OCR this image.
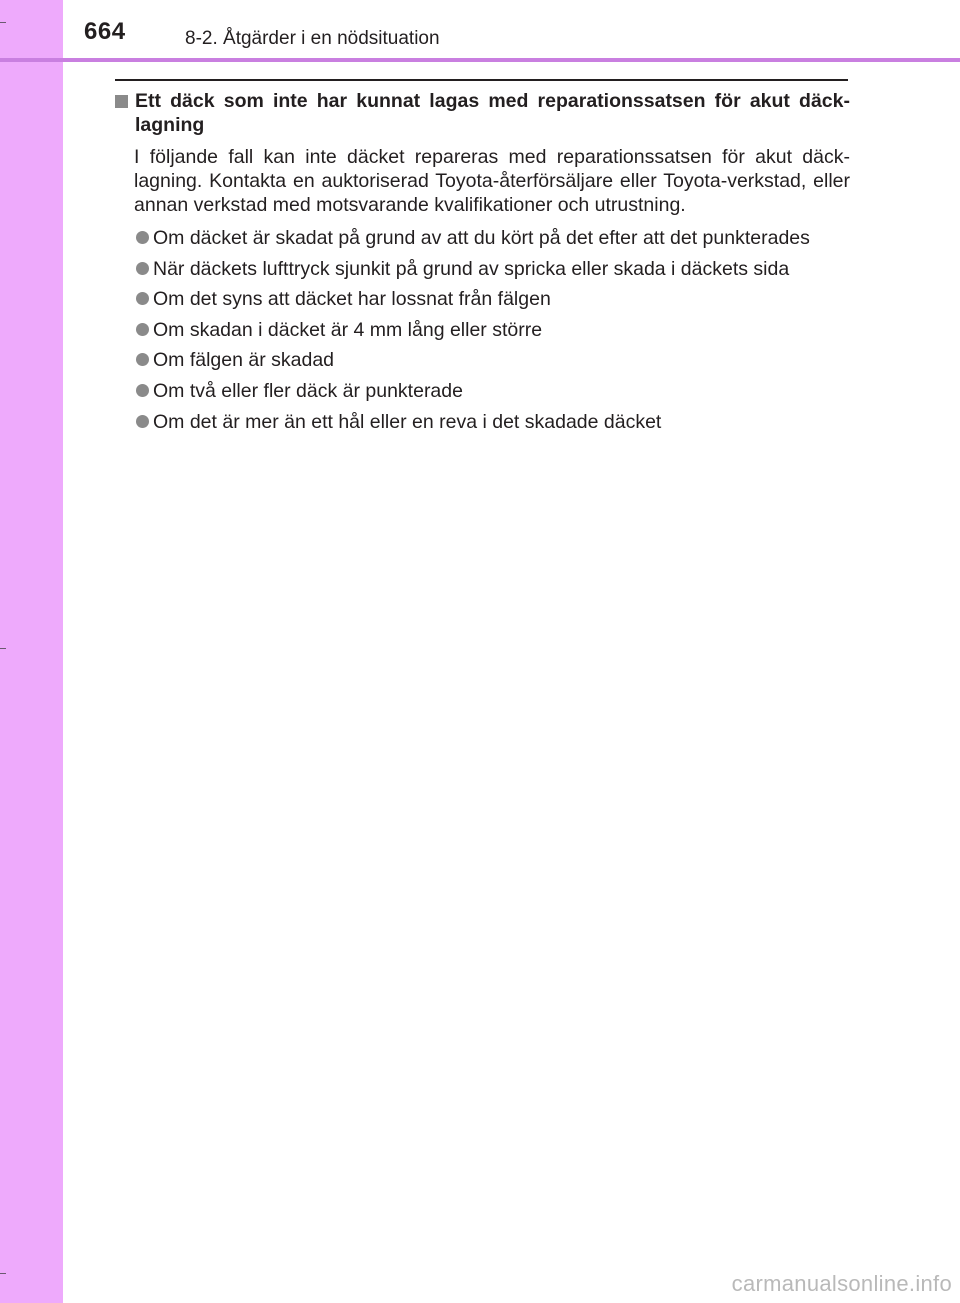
664	8-2. Åtgärder i en nödsituation
Ett däck som inte har kunnat lagas med reparationssatsen för akut däck-lagning
I följande fall kan inte däcket repareras med reparationssatsen för akut däck-lagning. Kontakta en auktoriserad Toyota-återförsäljare eller Toyota-verkstad, eller annan verkstad med motsvarande kvalifikationer och utrustning.
Om däcket är skadat på grund av att du kört på det efter att det punkterades
När däckets lufttryck sjunkit på grund av spricka eller skada i däckets sida
Om det syns att däcket har lossnat från fälgen
Om skadan i däcket är 4 mm lång eller större
Om fälgen är skadad
Om två eller fler däck är punkterade
Om det är mer än ett hål eller en reva i det skadade däcket
carmanualsonline.info
